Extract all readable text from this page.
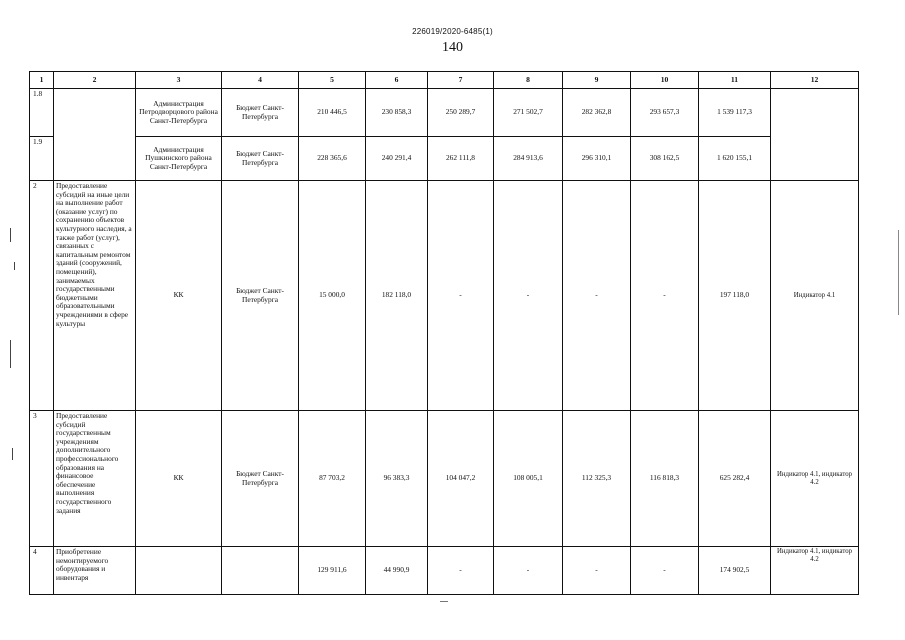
226019/2020-6485(1)
140
1	2	3	4	5	6	7	8	9	10	11	12
1.8		Администрация Петродворцового района Санкт-Петербурга	Бюджет Санкт-Петербурга	210 446,5	230 858,3	250 289,7	271 502,7	282 362,8	293 657,3	1 539 117,3	
1.9		Администрация Пушкинского района Санкт-Петербурга	Бюджет Санкт-Петербурга	228 365,6	240 291,4	262 111,8	284 913,6	296 310,1	308 162,5	1 620 155,1	
2	Предоставление субсидий на иные цели на выполнение работ (оказание услуг) по сохранению объектов культурного наследия, а также работ (услуг), связанных с капитальным ремонтом зданий (сооружений, помещений), занимаемых государственными бюджетными образовательными учреждениями в сфере культуры	КК	Бюджет Санкт-Петербурга	15 000,0	182 118,0	-	-	-	-	197 118,0	Индикатор 4.1
3	Предоставление субсидий государственным учреждениям дополнительного профессионального образования на финансовое обеспечение выполнения государственного задания	КК	Бюджет Санкт-Петербурга	87 703,2	96 383,3	104 047,2	108 005,1	112 325,3	116 818,3	625 282,4	Индикатор 4.1, индикатор 4.2
4	Приобретение немонтируемого оборудования и инвентаря			129 911,6	44 990,9	-	-	-	-	174 902,5	Индикатор 4.1, индикатор 4.2
